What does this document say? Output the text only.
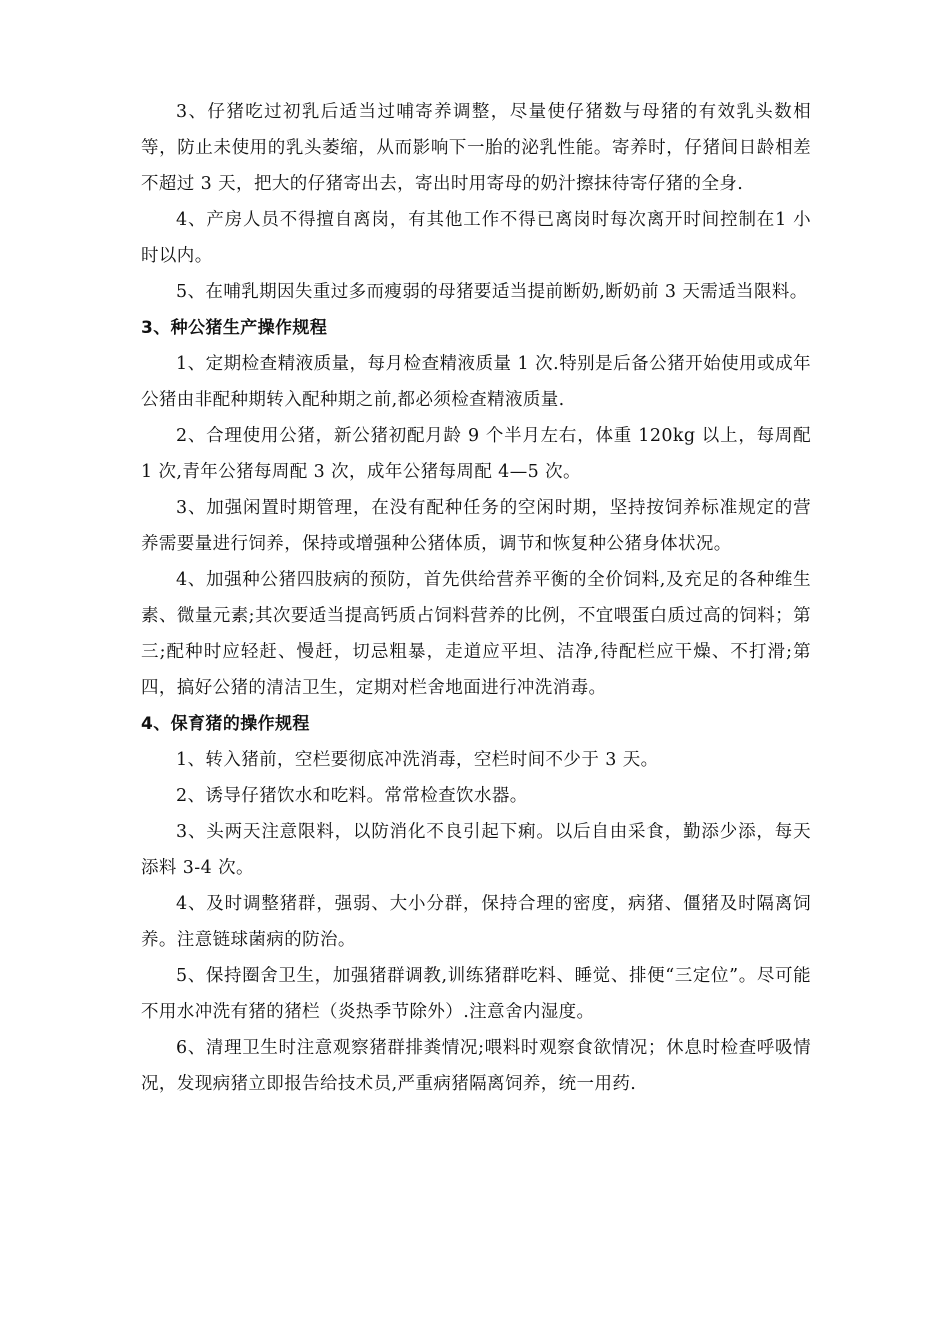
3、仔猪吃过初乳后适当过哺寄养调整，尽量使仔猪数与母猪的有效乳头数相等，防止未使用的乳头萎缩，从而影响下一胎的泌乳性能。寄养时，仔猪间日龄相差不超过 3 天，把大的仔猪寄出去，寄出时用寄母的奶汁擦抹待寄仔猪的全身.

4、产房人员不得擅自离岗，有其他工作不得已离岗时每次离开时间控制在1 小时以内。

5、在哺乳期因失重过多而瘦弱的母猪要适当提前断奶,断奶前 3 天需适当限料。

3、种公猪生产操作规程

1、定期检查精液质量，每月检查精液质量 1 次.特别是后备公猪开始使用或成年公猪由非配种期转入配种期之前,都必须检查精液质量.

2、合理使用公猪，新公猪初配月龄 9 个半月左右，体重 120kg 以上，每周配 1 次,青年公猪每周配 3 次，成年公猪每周配 4—5 次。

3、加强闲置时期管理，在没有配种任务的空闲时期，坚持按饲养标准规定的营养需要量进行饲养，保持或增强种公猪体质，调节和恢复种公猪身体状况。

4、加强种公猪四肢病的预防，首先供给营养平衡的全价饲料,及充足的各种维生素、微量元素;其次要适当提高钙质占饲料营养的比例，不宜喂蛋白质过高的饲料；第三;配种时应轻赶、慢赶，切忌粗暴，走道应平坦、洁净,待配栏应干燥、不打滑;第四，搞好公猪的清洁卫生，定期对栏舍地面进行冲洗消毒。

4、保育猪的操作规程

1、转入猪前，空栏要彻底冲洗消毒，空栏时间不少于 3 天。

2、诱导仔猪饮水和吃料。常常检查饮水器。

3、头两天注意限料，以防消化不良引起下痢。以后自由采食，勤添少添，每天添料 3-4 次。

4、及时调整猪群，强弱、大小分群，保持合理的密度，病猪、僵猪及时隔离饲养。注意链球菌病的防治。

5、保持圈舍卫生，加强猪群调教,训练猪群吃料、睡觉、排便“三定位”。尽可能不用水冲洗有猪的猪栏（炎热季节除外）.注意舍内湿度。

6、清理卫生时注意观察猪群排粪情况;喂料时观察食欲情况；休息时检查呼吸情况，发现病猪立即报告给技术员,严重病猪隔离饲养，统一用药.
